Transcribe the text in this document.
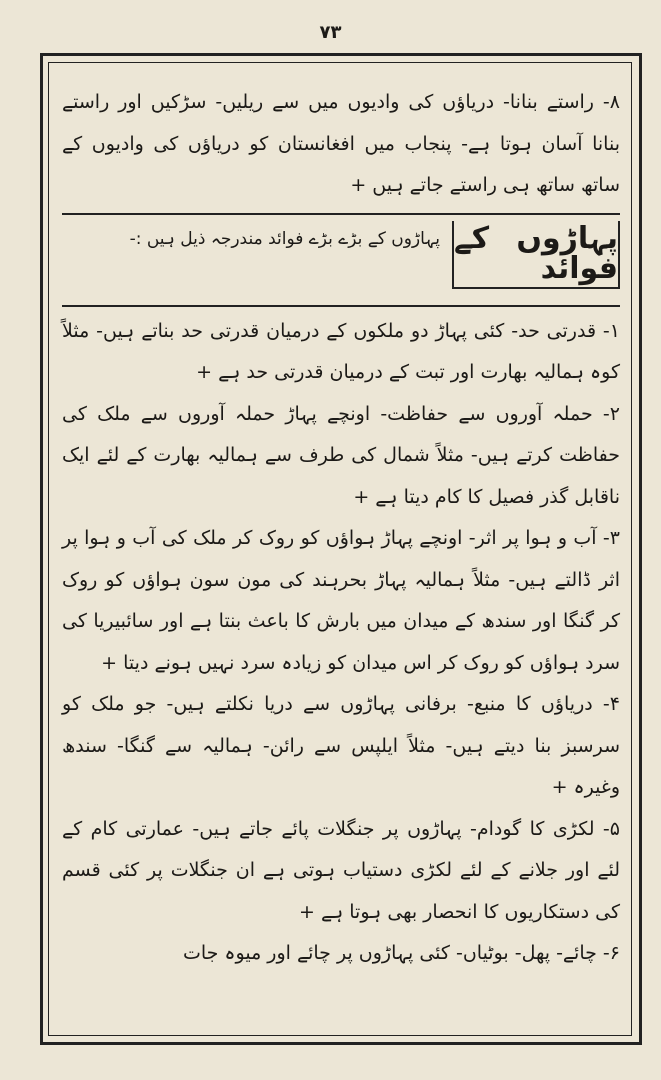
۷۳

۸- راستے بنانا- دریاؤں کی وادیوں میں سے ریلیں- سڑکیں اور راستے بنانا آسان ہوتا ہے- پنجاب میں افغانستان کو دریاؤں کی وادیوں کے ساتھ ساتھ ہی راستے جاتے ہیں +

پہاڑوں کے فوائد
پہاڑوں کے بڑے بڑے فوائد مندرجہ ذیل ہیں :-

۱- قدرتی حد- کئی پہاڑ دو ملکوں کے درمیان قدرتی حد بناتے ہیں- مثلاً کوہ ہمالیہ بھارت اور تبت کے درمیان قدرتی حد ہے +

۲- حملہ آوروں سے حفاظت- اونچے پہاڑ حملہ آوروں سے ملک کی حفاظت کرتے ہیں- مثلاً شمال کی طرف سے ہمالیہ بھارت کے لئے ایک ناقابل گذر فصیل کا کام دیتا ہے +

۳- آب و ہوا پر اثر- اونچے پہاڑ ہواؤں کو روک کر ملک کی آب و ہوا پر اثر ڈالتے ہیں- مثلاً ہمالیہ پہاڑ بحرہند کی مون سون ہواؤں کو روک کر گنگا اور سندھ کے میدان میں بارش کا باعث بنتا ہے اور سائبیریا کی سرد ہواؤں کو روک کر اس میدان کو زیادہ سرد نہیں ہونے دیتا +

۴- دریاؤں کا منبع- برفانی پہاڑوں سے دریا نکلتے ہیں- جو ملک کو سرسبز بنا دیتے ہیں- مثلاً ایلپس سے رائن- ہمالیہ سے گنگا- سندھ وغیرہ +

۵- لکڑی کا گودام- پہاڑوں پر جنگلات پائے جاتے ہیں- عمارتی کام کے لئے اور جلانے کے لئے لکڑی دستیاب ہوتی ہے ان جنگلات پر کئی قسم کی دستکاریوں کا انحصار بھی ہوتا ہے +

۶- چائے- پھل- بوٹیاں- کئی پہاڑوں پر چائے اور میوہ جات
